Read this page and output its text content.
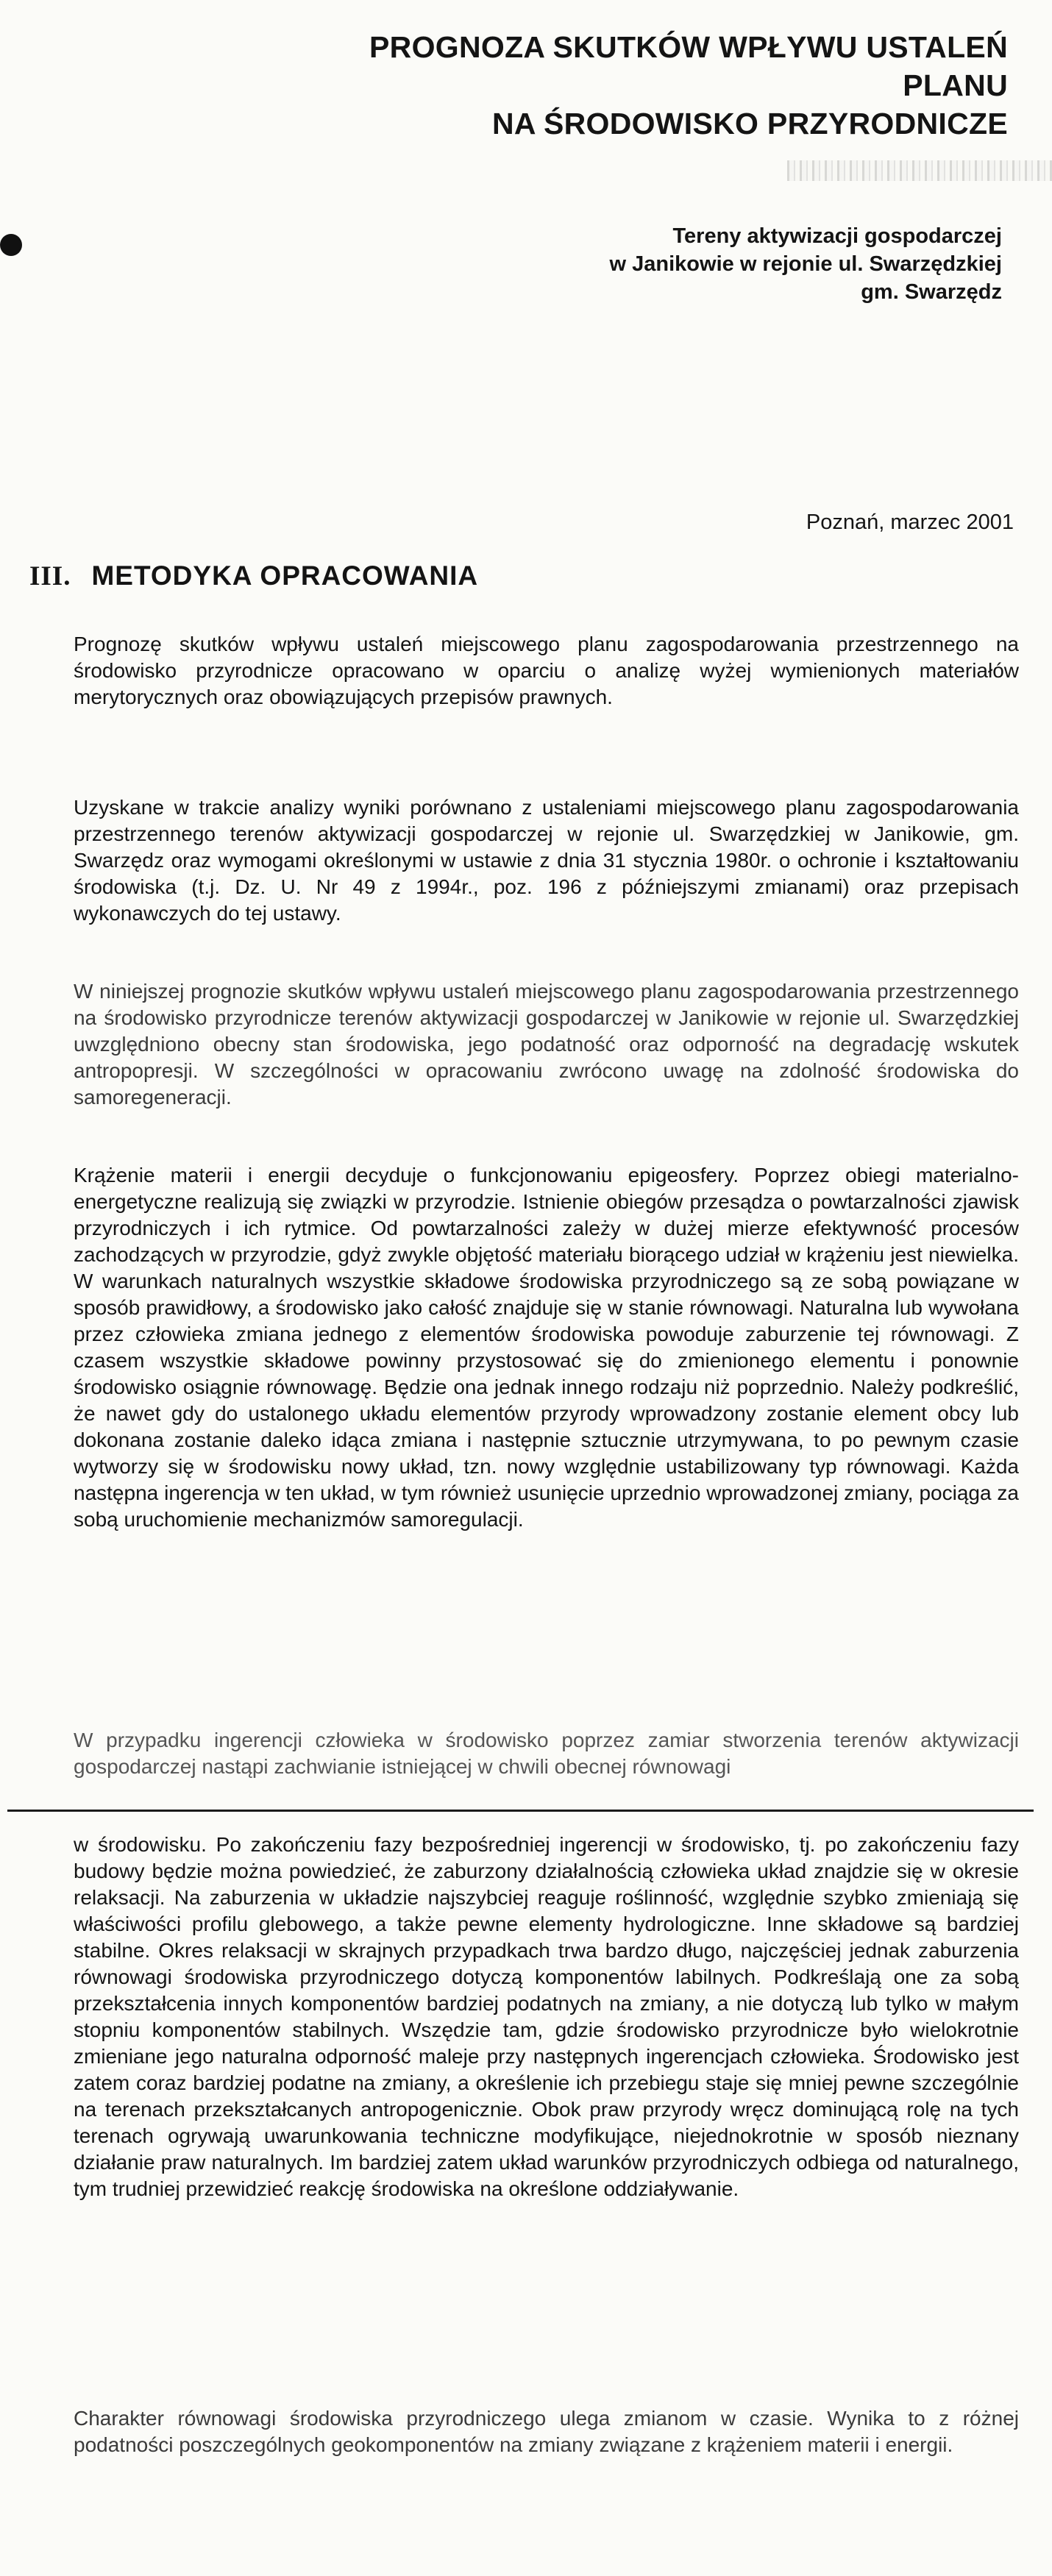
PROGNOZA SKUTKÓW WPŁYWU USTALEŃ PLANU
NA ŚRODOWISKO PRZYRODNICZE
Tereny aktywizacji gospodarczej
w Janikowie w rejonie ul. Swarzędzkiej
gm. Swarzędz
Poznań, marzec 2001
III. METODYKA OPRACOWANIA

Prognozę skutków wpływu ustaleń miejscowego planu zagospodarowania przestrzennego na środowisko przyrodnicze opracowano w oparciu o analizę wyżej wymienionych materiałów merytorycznych oraz obowiązujących przepisów prawnych.

Uzyskane w trakcie analizy wyniki porównano z ustaleniami miejscowego planu zagospodarowania przestrzennego terenów aktywizacji gospodarczej w rejonie ul. Swarzędzkiej w Janikowie, gm. Swarzędz oraz wymogami określonymi w ustawie z dnia 31 stycznia 1980r. o ochronie i kształtowaniu środowiska (t.j. Dz. U. Nr 49 z 1994r., poz. 196 z późniejszymi zmianami) oraz przepisach wykonawczych do tej ustawy.

W niniejszej prognozie skutków wpływu ustaleń miejscowego planu zagospodarowania przestrzennego na środowisko przyrodnicze terenów aktywizacji gospodarczej w Janikowie w rejonie ul. Swarzędzkiej uwzględniono obecny stan środowiska, jego podatność oraz odporność na degradację wskutek antropopresji. W szczególności w opracowaniu zwrócono uwagę na zdolność środowiska do samoregeneracji.

Krążenie materii i energii decyduje o funkcjonowaniu epigeosfery. Poprzez obiegi materialno-energetyczne realizują się związki w przyrodzie. Istnienie obiegów przesądza o powtarzalności zjawisk przyrodniczych i ich rytmice. Od powtarzalności zależy w dużej mierze efektywność procesów zachodzących w przyrodzie, gdyż zwykle objętość materiału biorącego udział w krążeniu jest niewielka. W warunkach naturalnych wszystkie składowe środowiska przyrodniczego są ze sobą powiązane w sposób prawidłowy, a środowisko jako całość znajduje się w stanie równowagi. Naturalna lub wywołana przez człowieka zmiana jednego z elementów środowiska powoduje zaburzenie tej równowagi. Z czasem wszystkie składowe powinny przystosować się do zmienionego elementu i ponownie środowisko osiągnie równowagę. Będzie ona jednak innego rodzaju niż poprzednio. Należy podkreślić, że nawet gdy do ustalonego układu elementów przyrody wprowadzony zostanie element obcy lub dokonana zostanie daleko idąca zmiana i następnie sztucznie utrzymywana, to po pewnym czasie wytworzy się w środowisku nowy układ, tzn. nowy względnie ustabilizowany typ równowagi. Każda następna ingerencja w ten układ, w tym również usunięcie uprzednio wprowadzonej zmiany, pociąga za sobą uruchomienie mechanizmów samoregulacji.

W przypadku ingerencji człowieka w środowisko poprzez zamiar stworzenia terenów aktywizacji gospodarczej nastąpi zachwianie istniejącej w chwili obecnej równowagi

w środowisku. Po zakończeniu fazy bezpośredniej ingerencji w środowisko, tj. po zakończeniu fazy budowy będzie można powiedzieć, że zaburzony działalnością człowieka układ znajdzie się w okresie relaksacji. Na zaburzenia w układzie najszybciej reaguje roślinność, względnie szybko zmieniają się właściwości profilu glebowego, a także pewne elementy hydrologiczne. Inne składowe są bardziej stabilne. Okres relaksacji w skrajnych przypadkach trwa bardzo długo, najczęściej jednak zaburzenia równowagi środowiska przyrodniczego dotyczą komponentów labilnych. Podkreślają one za sobą przekształcenia innych komponentów bardziej podatnych na zmiany, a nie dotyczą lub tylko w małym stopniu komponentów stabilnych. Wszędzie tam, gdzie środowisko przyrodnicze było wielokrotnie zmieniane jego naturalna odporność maleje przy następnych ingerencjach człowieka. Środowisko jest zatem coraz bardziej podatne na zmiany, a określenie ich przebiegu staje się mniej pewne szczególnie na terenach przekształcanych antropogenicznie. Obok praw przyrody wręcz dominującą rolę na tych terenach ogrywają uwarunkowania techniczne modyfikujące, niejednokrotnie w sposób nieznany działanie praw naturalnych. Im bardziej zatem układ warunków przyrodniczych odbiega od naturalnego, tym trudniej przewidzieć reakcję środowiska na określone oddziaływanie.

Charakter równowagi środowiska przyrodniczego ulega zmianom w czasie. Wynika to z różnej podatności poszczególnych geokomponentów na zmiany związane z krążeniem materii i energii.
